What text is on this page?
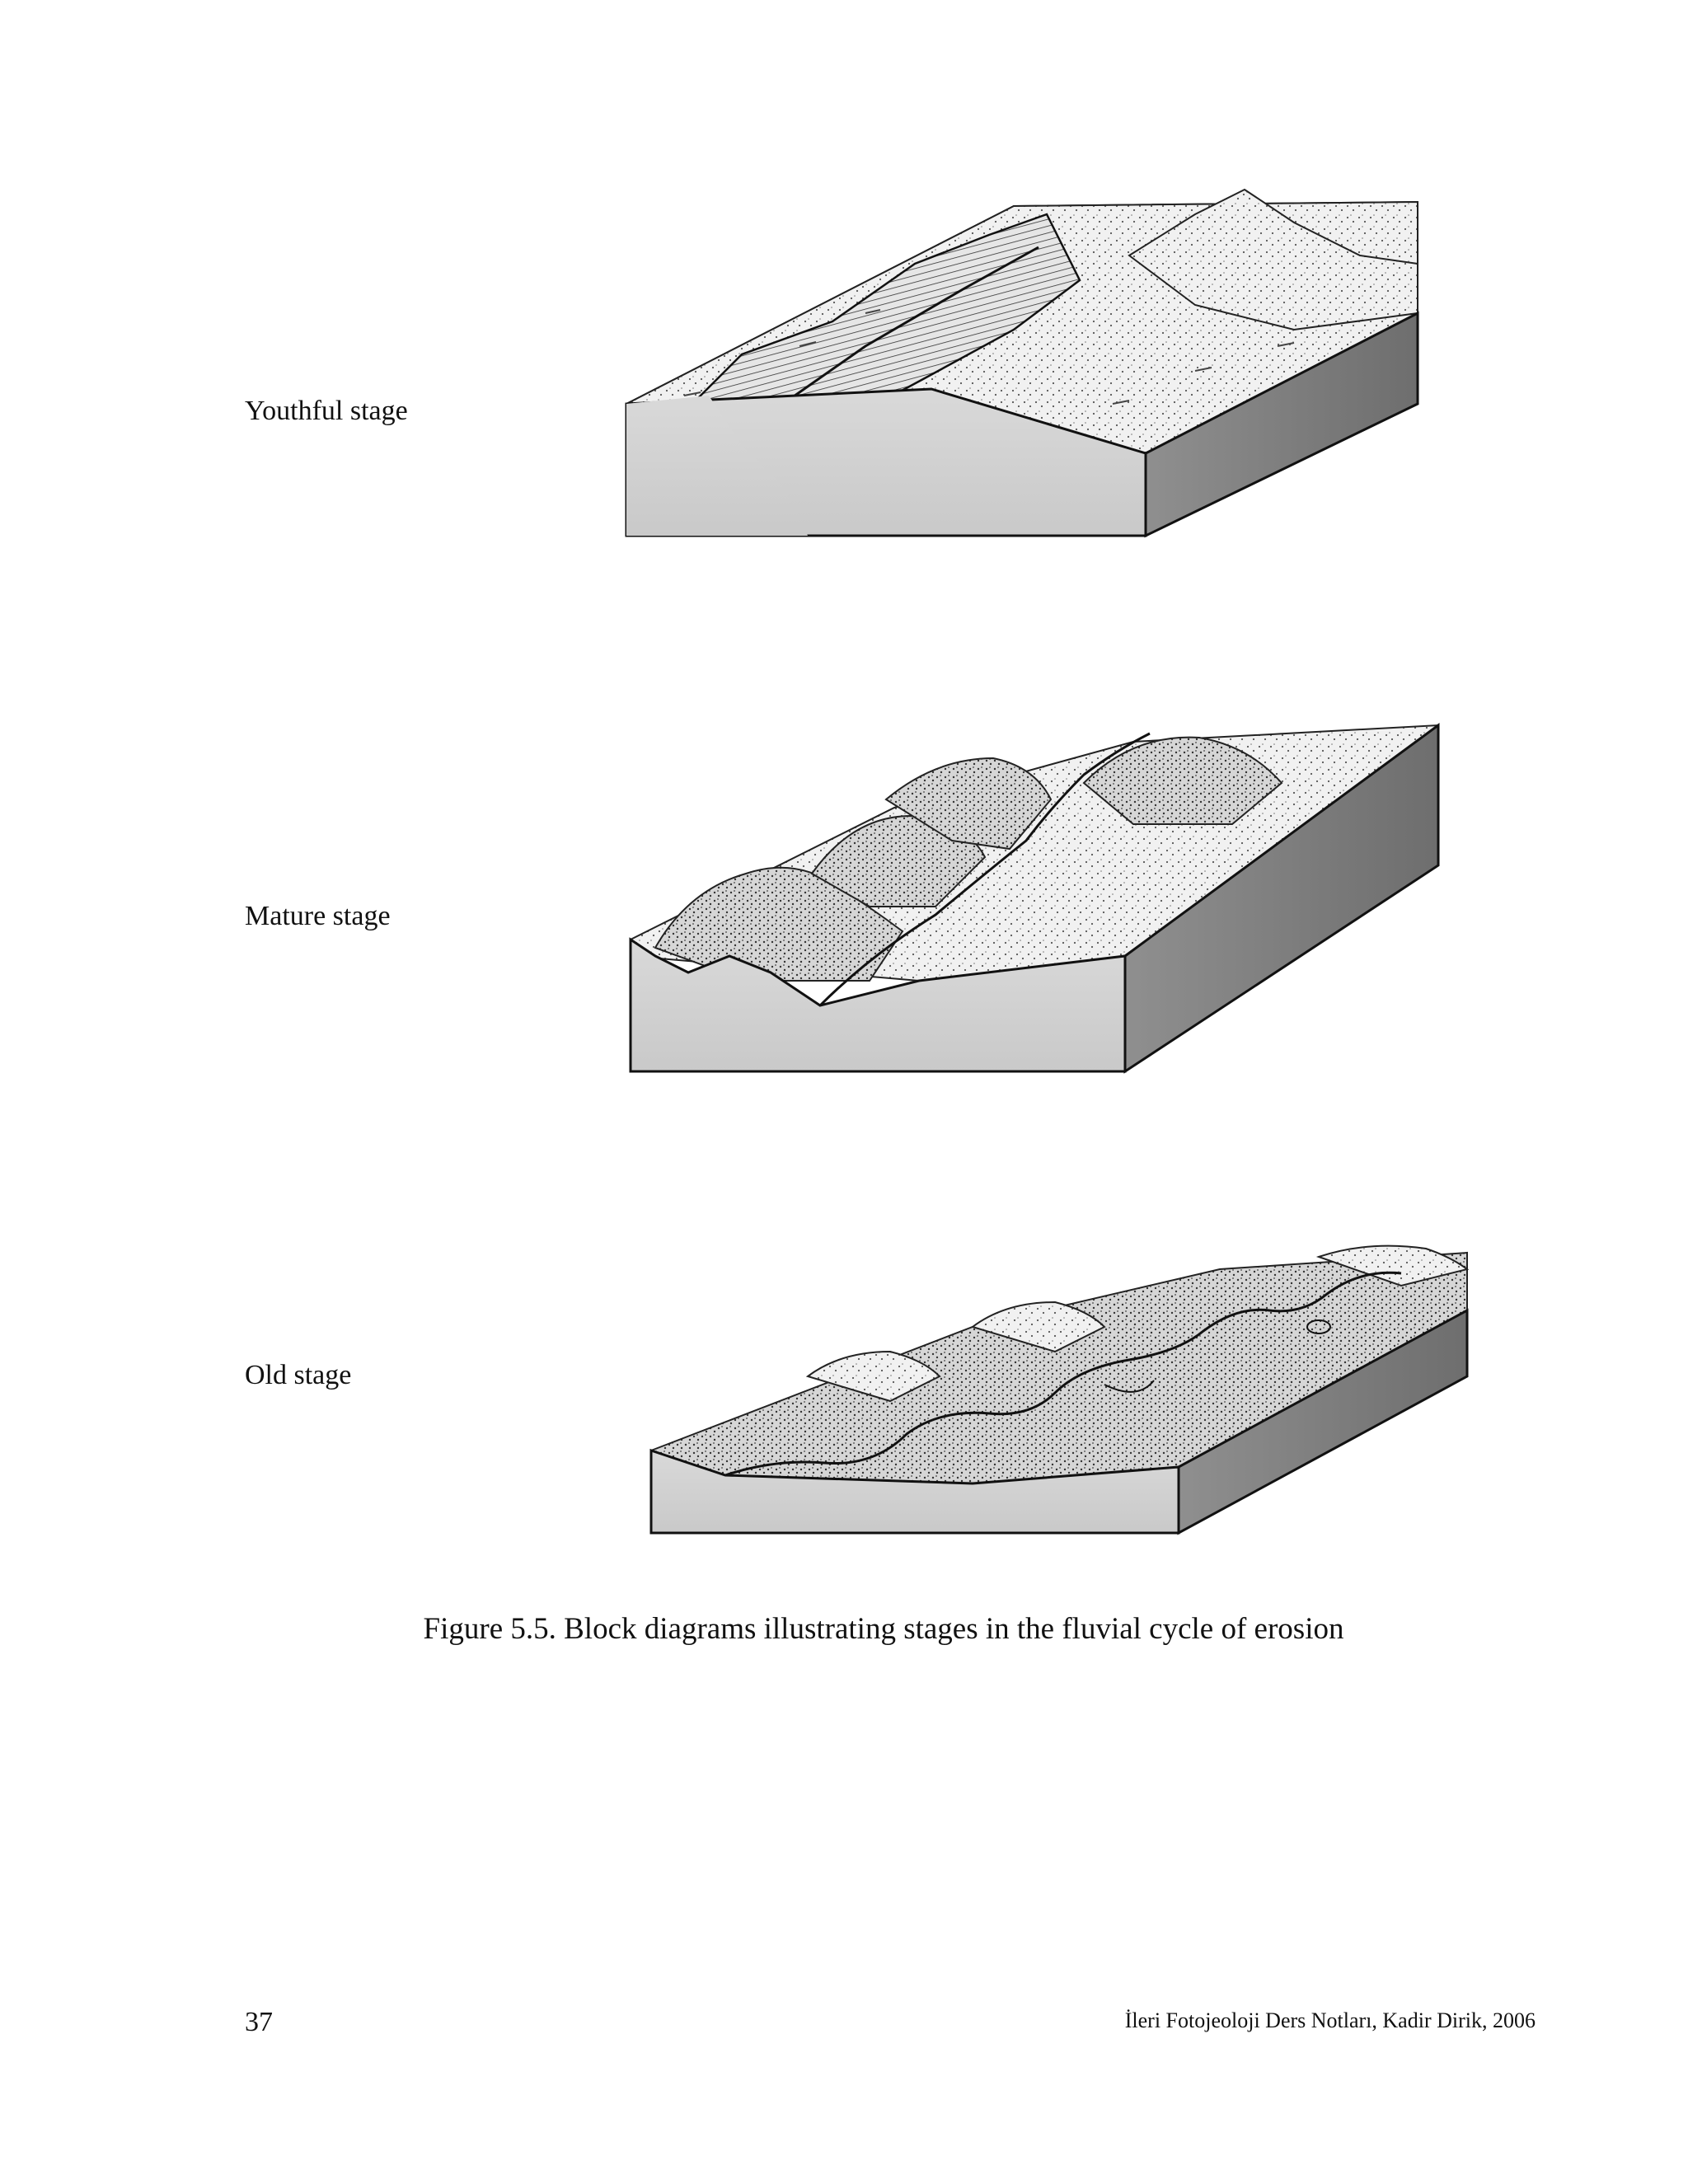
Youthful stage
Mature stage
Old stage
Figure 5.5. Block diagrams illustrating stages in the fluvial cycle of erosion
37	İleri Fotojeoloji Ders Notları, Kadir Dirik, 2006
